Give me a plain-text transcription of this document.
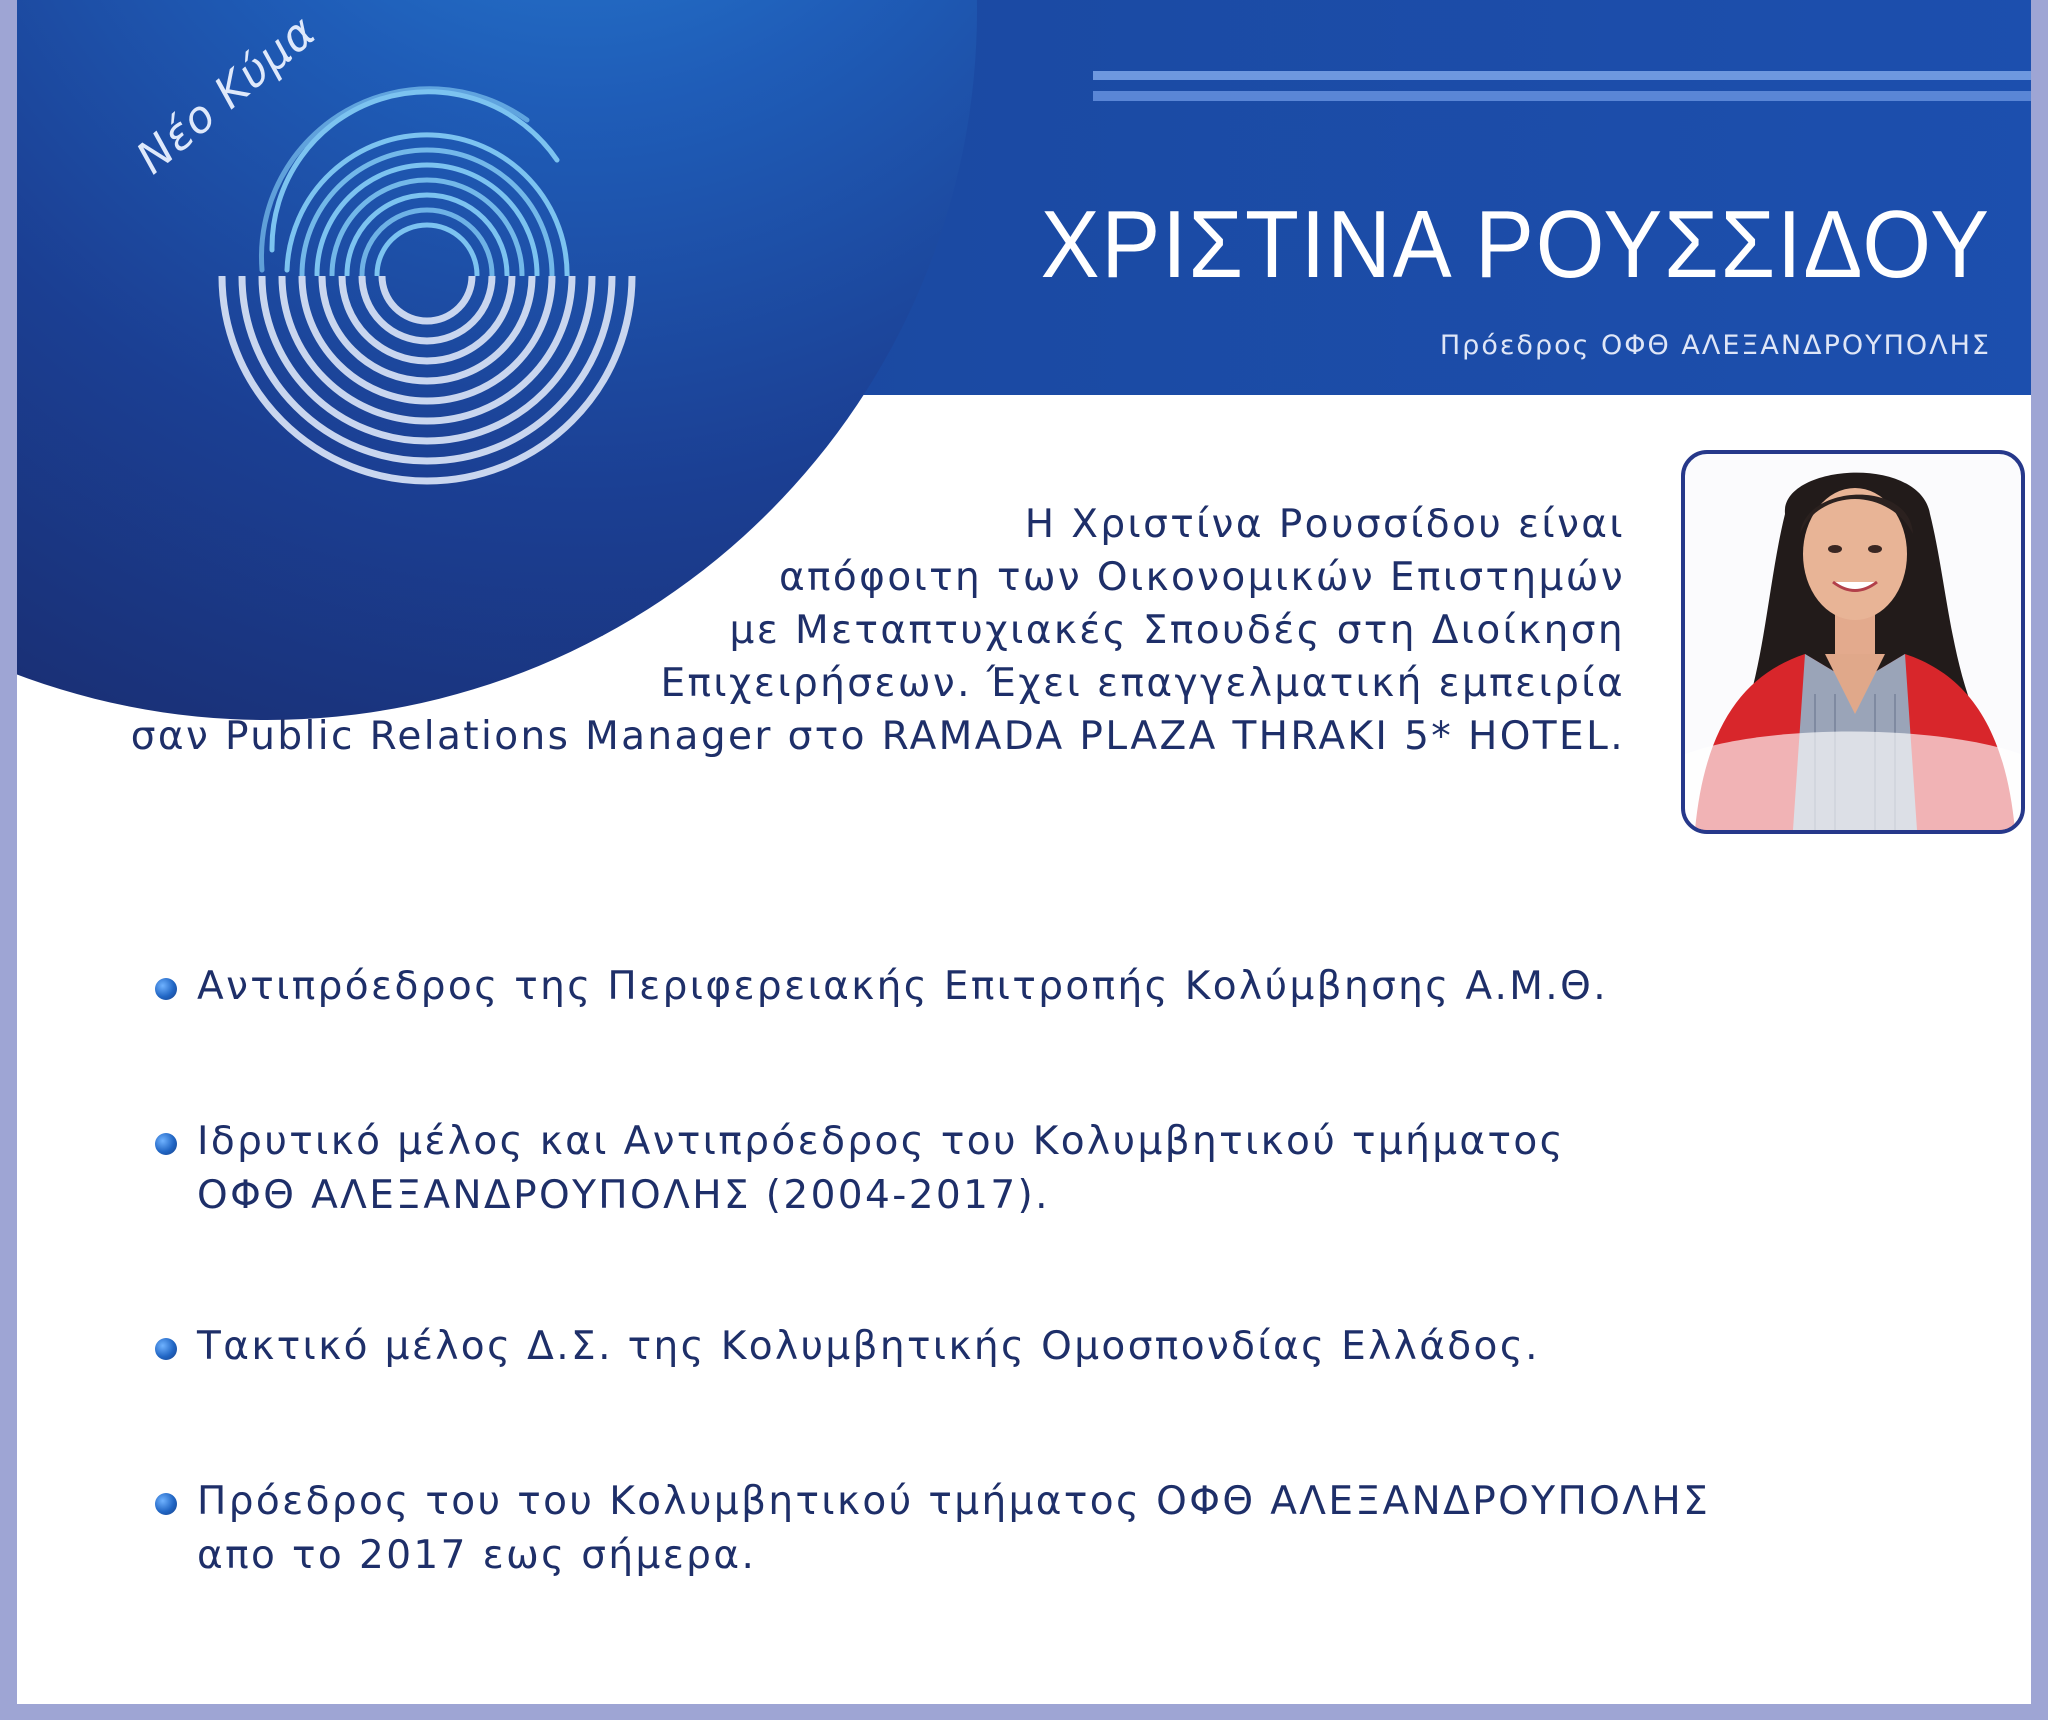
Νέο Κύμα
ΧΡΙΣΤΙΝΑ ΡΟΥΣΣΙΔΟΥ
Πρόεδρος ΟΦΘ ΑΛΕΞΑΝΔΡΟΥΠΟΛΗΣ
Η Χριστίνα Ρουσσίδου είναι
απόφοιτη των Οικονομικών Επιστημών
με Μεταπτυχιακές Σπουδές στη Διοίκηση
Επιχειρήσεων. Έχει επαγγελματική εμπειρία
σαν Public Relations Manager στο RAMADA PLAZA THRAKI 5* HOTEL.
Αντιπρόεδρος της Περιφερειακής Επιτροπής Κολύμβησης Α.Μ.Θ.
Ιδρυτικό μέλος και Αντιπρόεδρος του Κολυμβητικού τμήματος
ΟΦΘ ΑΛΕΞΑΝΔΡΟΥΠΟΛΗΣ (2004-2017).
Τακτικό μέλος Δ.Σ. της Κολυμβητικής Ομοσπονδίας Ελλάδος.
Πρόεδρος του του Κολυμβητικού τμήματος ΟΦΘ ΑΛΕΞΑΝΔΡΟΥΠΟΛΗΣ
απο το 2017 εως σήμερα.
